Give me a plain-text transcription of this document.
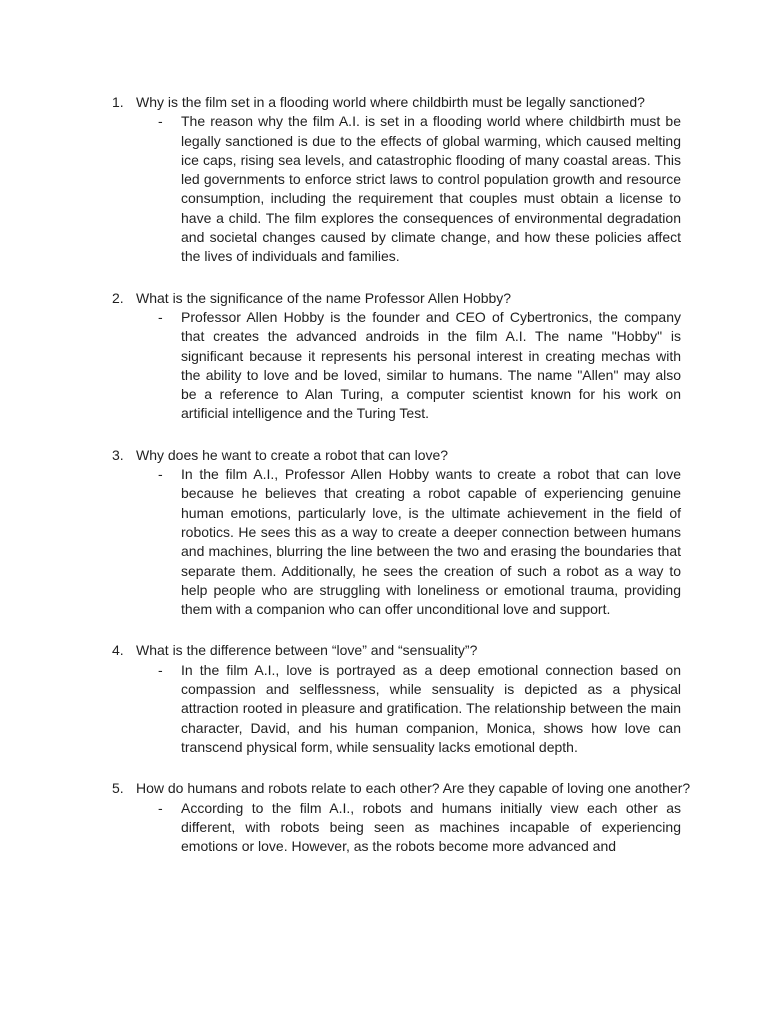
1. Why is the film set in a flooding world where childbirth must be legally sanctioned?

- The reason why the film A.I. is set in a flooding world where childbirth must be legally sanctioned is due to the effects of global warming, which caused melting ice caps, rising sea levels, and catastrophic flooding of many coastal areas. This led governments to enforce strict laws to control population growth and resource consumption, including the requirement that couples must obtain a license to have a child. The film explores the consequences of environmental degradation and societal changes caused by climate change, and how these policies affect the lives of individuals and families.

2. What is the significance of the name Professor Allen Hobby?

- Professor Allen Hobby is the founder and CEO of Cybertronics, the company that creates the advanced androids in the film A.I. The name "Hobby" is significant because it represents his personal interest in creating mechas with the ability to love and be loved, similar to humans. The name "Allen" may also be a reference to Alan Turing, a computer scientist known for his work on artificial intelligence and the Turing Test.

3. Why does he want to create a robot that can love?

- In the film A.I., Professor Allen Hobby wants to create a robot that can love because he believes that creating a robot capable of experiencing genuine human emotions, particularly love, is the ultimate achievement in the field of robotics. He sees this as a way to create a deeper connection between humans and machines, blurring the line between the two and erasing the boundaries that separate them. Additionally, he sees the creation of such a robot as a way to help people who are struggling with loneliness or emotional trauma, providing them with a companion who can offer unconditional love and support.

4. What is the difference between “love” and “sensuality”?

- In the film A.I., love is portrayed as a deep emotional connection based on compassion and selflessness, while sensuality is depicted as a physical attraction rooted in pleasure and gratification. The relationship between the main character, David, and his human companion, Monica, shows how love can transcend physical form, while sensuality lacks emotional depth.

5. How do humans and robots relate to each other? Are they capable of loving one another?

- According to the film A.I., robots and humans initially view each other as different, with robots being seen as machines incapable of experiencing emotions or love. However, as the robots become more advanced and
